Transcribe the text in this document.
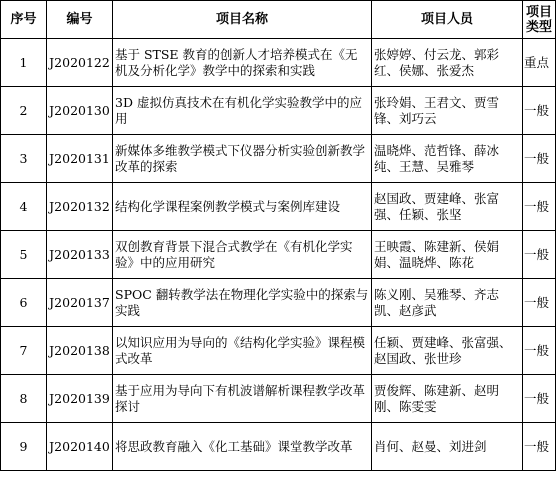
序号	编号	项目名称	项目人员	项目类型
1	J2020122	基于 STSE 教育的创新人才培养模式在《无机及分析化学》教学中的探索和实践	张婷婷、付云龙、郭彩红、侯娜、张爱杰	重点
2	J2020130	3D 虚拟仿真技术在有机化学实验教学中的应用	张玲娟、王君文、贾雪锋、刘巧云	一般
3	J2020131	新媒体多维教学模式下仪器分析实验创新教学改革的探索	温晓烨、范哲锋、薛冰纯、王慧、吴雅琴	一般
4	J2020132	结构化学课程案例教学模式与案例库建设	赵国政、贾建峰、张富强、任颖、张坚	一般
5	J2020133	双创教育背景下混合式教学在《有机化学实验》中的应用研究	王映霞、陈建新、侯娟娟、温晓烨、陈花	一般
6	J2020137	SPOC 翻转教学法在物理化学实验中的探索与实践	陈义刚、吴雅琴、齐志凯、赵彦武	一般
7	J2020138	以知识应用为导向的《结构化学实验》课程模式改革	任颖、贾建峰、张富强、赵国政、张世珍	一般
8	J2020139	基于应用为导向下有机波谱解析课程教学改革探讨	贾俊辉、陈建新、赵明刚、陈雯雯	一般
9	J2020140	将思政教育融入《化工基础》课堂教学改革	肖何、赵曼、刘进剑	一般
